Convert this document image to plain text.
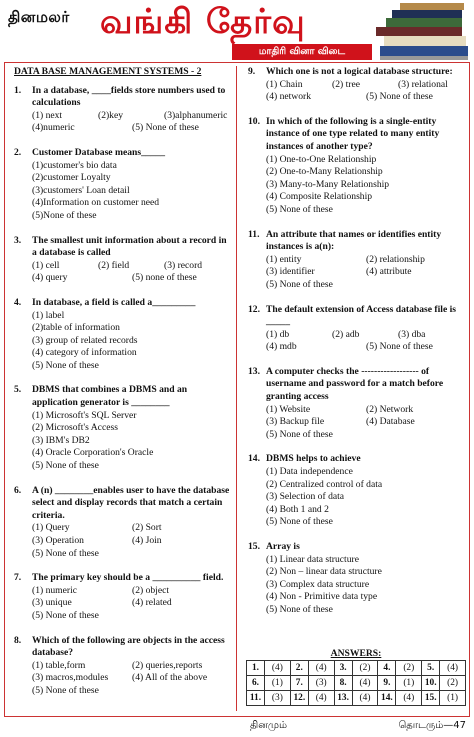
தினமலர் வங்கி தேர்வு
மாதிரி வினா விடை
DATA BASE MANAGEMENT SYSTEMS - 2
1.	In a database, ____fields store numbers used to calculations
(1) next	(2)key	(3)alphanumeric
(4)numeric	(5) None of these
2.	Customer Database means_____
(1)customer's bio data
(2)customer Loyalty
(3)customers' Loan detail
(4)Information on customer need
(5)None of these
3.	The smallest unit information about a record in a database is called
(1) cell	(2) field	(3) record
(4) query	(5) none of these
4.	In database, a field is called a_________
(1) label
(2)table of information
(3) group of related records
(4) category of information
(5) None of these
5.	DBMS that combines a DBMS and an application generator is ________
(1) Microsoft's SQL Server
(2) Microsoft's Access
(3) IBM's DB2
(4) Oracle Corporation's Oracle
(5) None of these
6.	A (n) ________enables user to have the database select and display records that match a certain criteria.
(1) Query	(2) Sort
(3) Operation	(4) Join
(5) None of these
7.	The primary key should be a __________ field.
(1) numeric	(2) object
(3) unique	(4) related
(5) None of these
8.	Which of the following are objects in the access database?
(1) table,form	(2) queries,reports
(3) macros,modules	(4) All of the above
(5) None of these
9.	Which one is not a logical database structure:
(1) Chain	(2) tree	(3) relational
(4) network	(5) None of these
10. In which of the following is a single-entity instance of one type related to many entity instances of another type?
(1) One-to-One Relationship
(2) One-to-Many Relationship
(3) Many-to-Many Relationship
(4) Composite Relationship
(5) None of these
11. An attribute that names or identifies entity instances is a(n):
(1) entity	(2) relationship
(3) identifier	(4) attribute
(5) None of these
12. The default extension of Access database file is _____
(1) db	(2) adb	(3) dba
(4) mdb	(5) None of these
13. A computer checks the ------------------ of username and password for a match before granting access
(1) Website	(2) Network
(3) Backup file	(4) Database
(5) None of these
14. DBMS helps to achieve
(1) Data independence
(2) Centralized control of data
(3) Selection of data
(4) Both 1 and 2
(5) None of these
15. Array is
(1) Linear data structure
(2) Non – linear data structure
(3) Complex data structure
(4) Non - Primitive data type
(5) None of these
ANSWERS:
1.	(4)	2.	(4)	3.	(2)	4.	(2)	5.	(4)
6.	(1)	7.	(3)	8.	(4)	9.	(1)	10.	(2)
11.	(3)	12.	(4)	13.	(4)	14.	(4)	15.	(1)
தினமும்	தொடரும்—47
